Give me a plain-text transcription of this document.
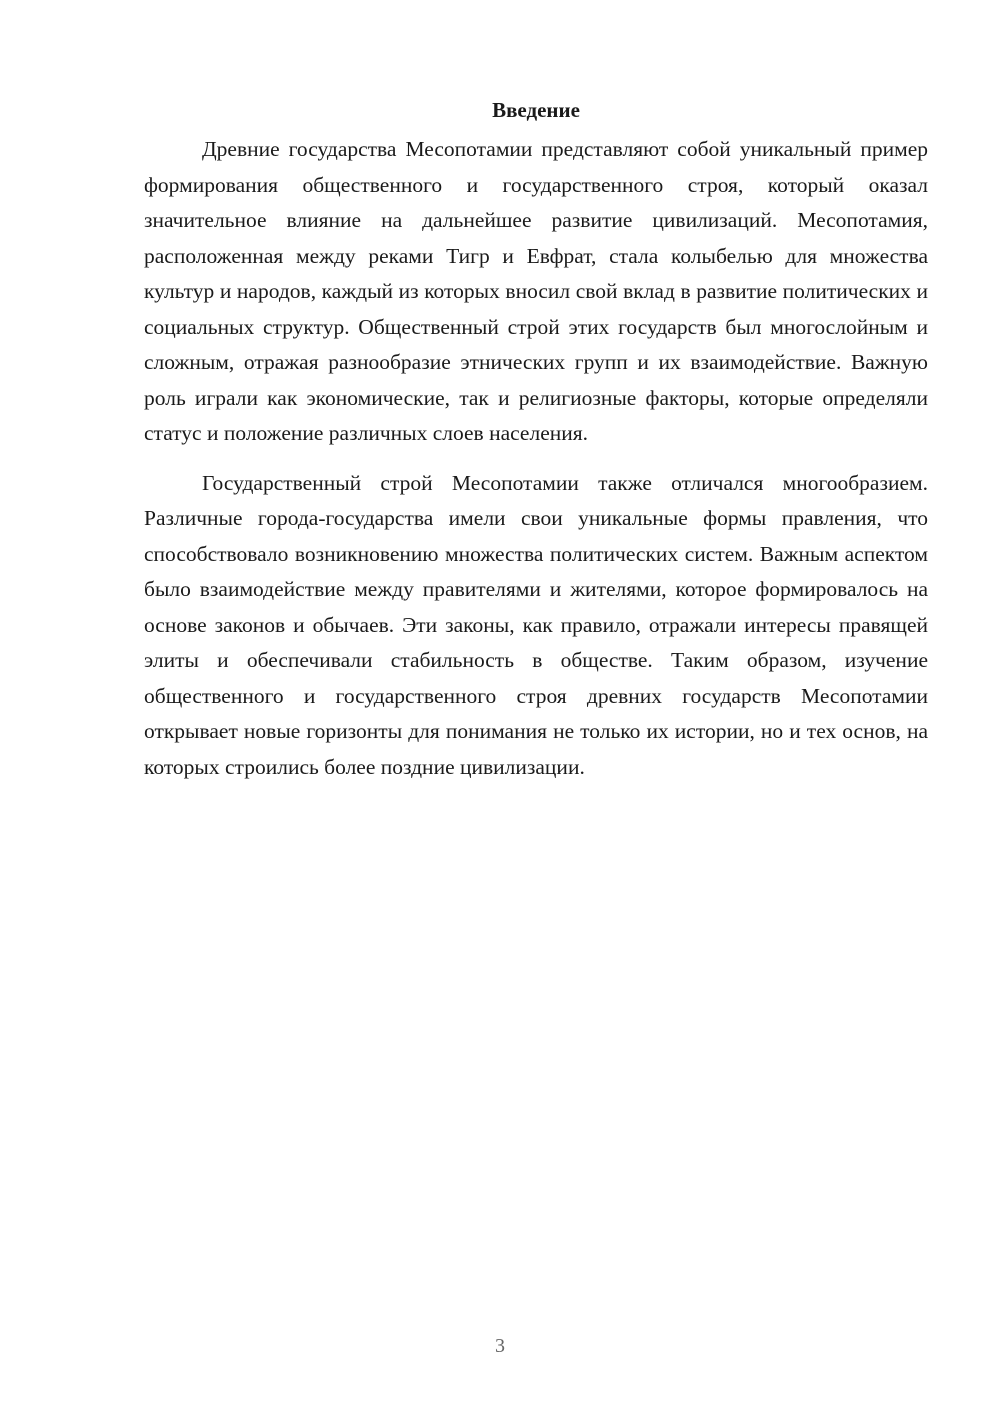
Введение

Древние государства Месопотамии представляют собой уникальный пример формирования общественного и государственного строя, который оказал значительное влияние на дальнейшее развитие цивилизаций. Месопотамия, расположенная между реками Тигр и Евфрат, стала колыбелью для множества культур и народов, каждый из которых вносил свой вклад в развитие политических и социальных структур. Общественный строй этих государств был многослойным и сложным, отражая разнообразие этнических групп и их взаимодействие. Важную роль играли как экономические, так и религиозные факторы, которые определяли статус и положение различных слоев населения.

Государственный строй Месопотамии также отличался многообразием. Различные города-государства имели свои уникальные формы правления, что способствовало возникновению множества политических систем. Важным аспектом было взаимодействие между правителями и жителями, которое формировалось на основе законов и обычаев. Эти законы, как правило, отражали интересы правящей элиты и обеспечивали стабильность в обществе. Таким образом, изучение общественного и государственного строя древних государств Месопотамии открывает новые горизонты для понимания не только их истории, но и тех основ, на которых строились более поздние цивилизации.

3
